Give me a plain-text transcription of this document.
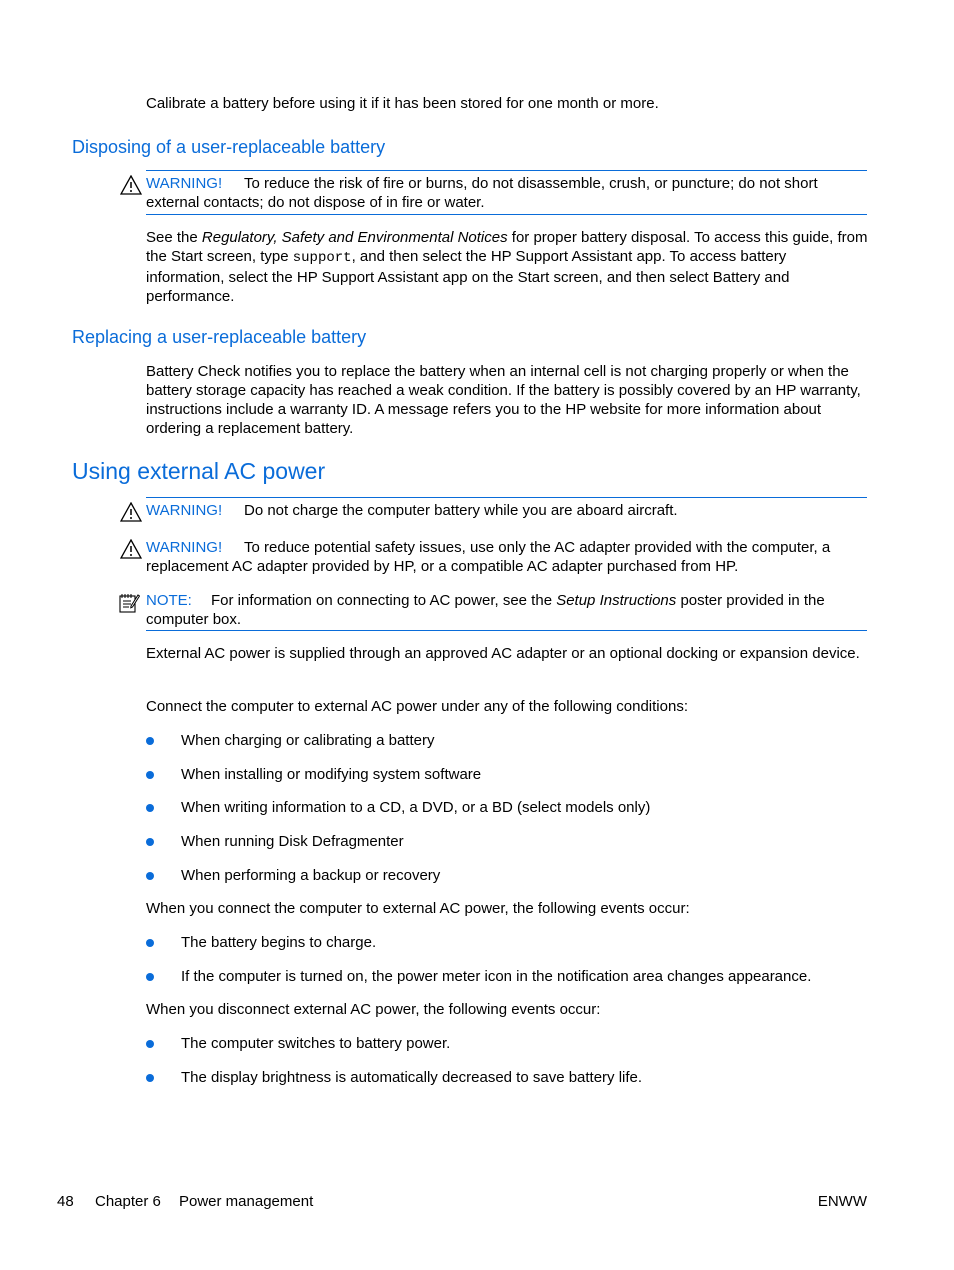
Calibrate a battery before using it if it has been stored for one month or more.
Disposing of a user-replaceable battery
WARNING! To reduce the risk of fire or burns, do not disassemble, crush, or puncture; do not short external contacts; do not dispose of in fire or water.
See the Regulatory, Safety and Environmental Notices for proper battery disposal. To access this guide, from the Start screen, type support, and then select the HP Support Assistant app. To access battery information, select the HP Support Assistant app on the Start screen, and then select Battery and performance.
Replacing a user-replaceable battery
Battery Check notifies you to replace the battery when an internal cell is not charging properly or when the battery storage capacity has reached a weak condition. If the battery is possibly covered by an HP warranty, instructions include a warranty ID. A message refers you to the HP website for more information about ordering a replacement battery.
Using external AC power
WARNING! Do not charge the computer battery while you are aboard aircraft.
WARNING! To reduce potential safety issues, use only the AC adapter provided with the computer, a replacement AC adapter provided by HP, or a compatible AC adapter purchased from HP.
NOTE: For information on connecting to AC power, see the Setup Instructions poster provided in the computer box.
External AC power is supplied through an approved AC adapter or an optional docking or expansion device.
Connect the computer to external AC power under any of the following conditions:
When charging or calibrating a battery
When installing or modifying system software
When writing information to a CD, a DVD, or a BD (select models only)
When running Disk Defragmenter
When performing a backup or recovery
When you connect the computer to external AC power, the following events occur:
The battery begins to charge.
If the computer is turned on, the power meter icon in the notification area changes appearance.
When you disconnect external AC power, the following events occur:
The computer switches to battery power.
The display brightness is automatically decreased to save battery life.
48 Chapter 6 Power management	ENWW
